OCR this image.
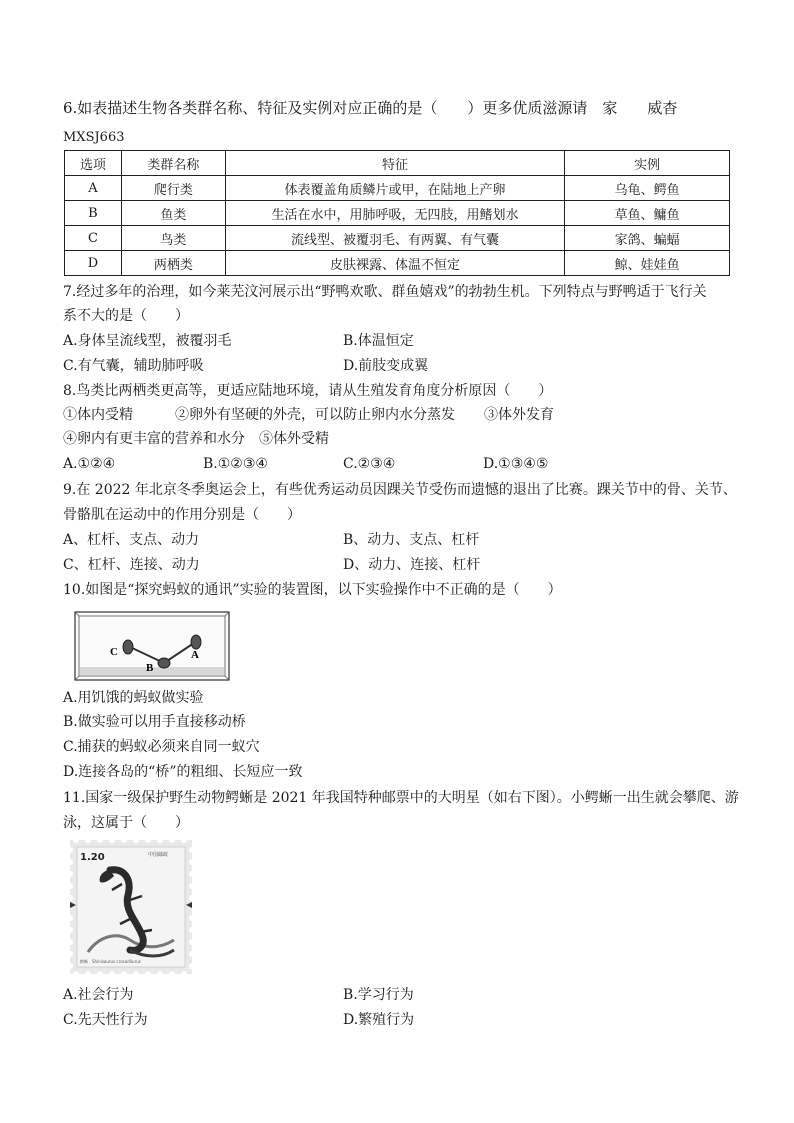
6.如表描述生物各类群名称、特征及实例对应正确的是（　　）更多优质滋源请　家　　威杳
MXSJ663
选项	类群名称	特征	实例
A	爬行类	体表覆盖角质鳞片或甲，在陆地上产卵	乌龟、鳄鱼
B	鱼类	生活在水中，用肺呼吸，无四肢，用鳍划水	草鱼、鳙鱼
C	鸟类	流线型、被覆羽毛、有两翼、有气囊	家鸽、蝙蝠
D	两栖类	皮肤裸露、体温不恒定	鲸、娃娃鱼
7.经过多年的治理，如今莱芜汶河展示出“野鸭欢歌、群鱼嬉戏”的勃勃生机。下列特点与野鸭适于飞行关
系不大的是（　　）
A.身体呈流线型，被覆羽毛	B.体温恒定
C.有气囊，辅助肺呼吸	D.前肢变成翼
8.鸟类比两栖类更高等，更适应陆地环境，请从生殖发育角度分析原因（　　）
①体内受精	②卵外有坚硬的外壳，可以防止卵内水分蒸发 ③体外发育
④卵内有更丰富的营养和水分　⑤体外受精
A.①②④	B.①②③④	C.②③④	D.①③④⑤
9.在 2022 年北京冬季奥运会上，有些优秀运动员因踝关节受伤而遗憾的退出了比赛。踝关节中的骨、关节、
骨骼肌在运动中的作用分别是（　　）
A、杠杆、支点、动力	B、动力、支点、杠杆
C、杠杆、连接、动力	D、动力、连接、杠杆
10.如图是“探究蚂蚁的通讯”实验的装置图，以下实验操作中不正确的是（　　）
C
B
A
A.用饥饿的蚂蚁做实验
B.做实验可以用手直接移动桥
C.捕获的蚂蚁必须来自同一蚁穴
D.连接各岛的“桥”的粗细、长短应一致
11.国家一级保护野生动物鳄蜥是 2021 年我国特种邮票中的大明星（如右下图）。小鳄蜥一出生就会攀爬、游
泳，这属于（　　）
1.20	中国邮政
鳄蜥　Shinisaurus crocodilurus
A.社会行为	B.学习行为
C.先天性行为	D.繁殖行为
